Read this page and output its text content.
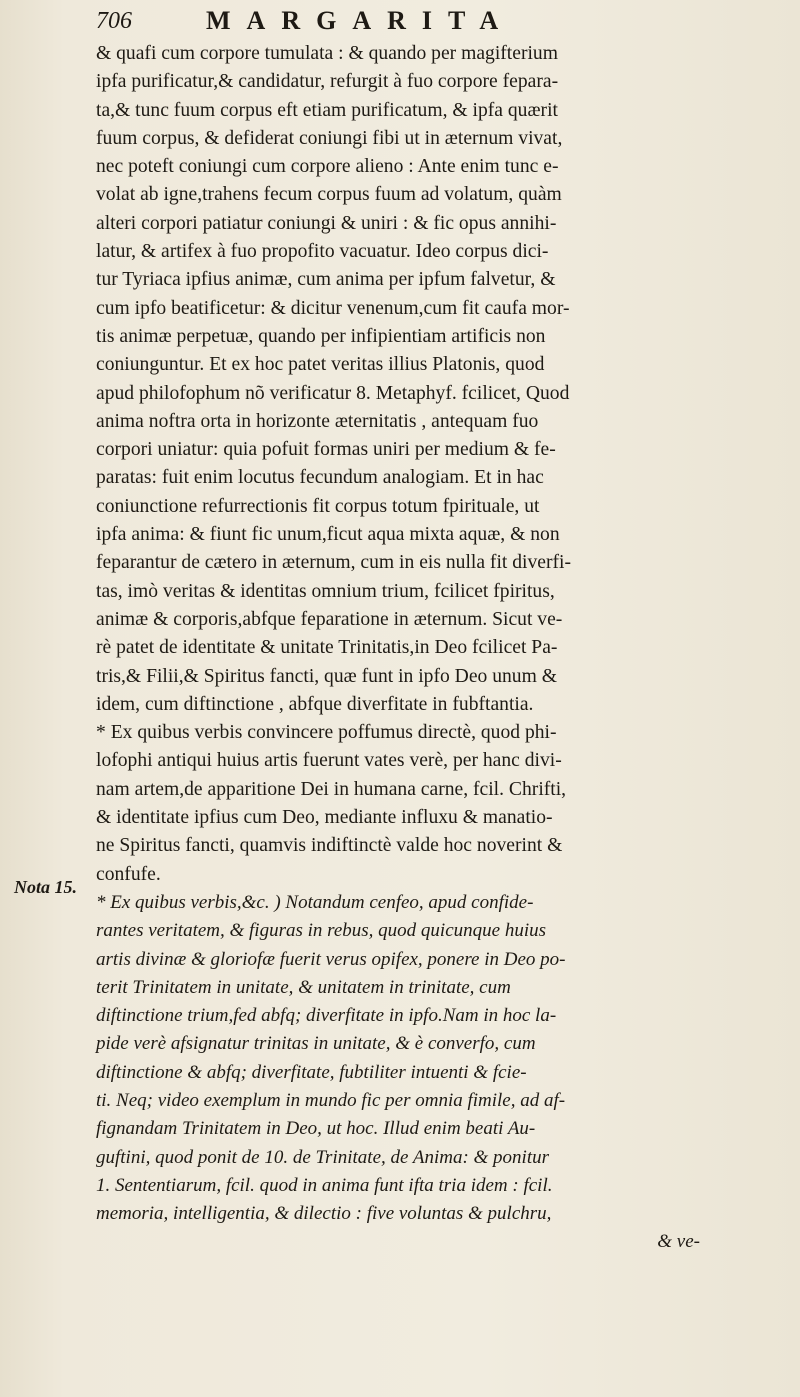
706	MARGARITA
Nota 15.
& quafi cum corpore tumulata : & quando per magifterium
ipfa purificatur,& candidatur, refurgit à fuo corpore fepara-
ta,& tunc fuum corpus eft etiam purificatum, & ipfa quærit
fuum corpus, & defiderat coniungi fibi ut in æternum vivat,
nec poteft coniungi cum corpore alieno : Ante enim tunc e-
volat ab igne,trahens fecum corpus fuum ad volatum, quàm
alteri corpori patiatur coniungi & uniri : & fic opus annihi-
latur, & artifex à fuo propofito vacuatur. Ideo corpus dici-
tur Tyriaca ipfius animæ, cum anima per ipfum falvetur, &
cum ipfo beatificetur: & dicitur venenum,cum fit caufa mor-
tis animæ perpetuæ, quando per infipientiam artificis non
coniunguntur. Et ex hoc patet veritas illius Platonis, quod
apud philofophum nõ verificatur 8. Metaphyf. fcilicet, Quod
anima noftra orta in horizonte æternitatis , antequam fuo
corpori uniatur: quia pofuit formas uniri per medium & fe-
paratas: fuit enim locutus fecundum analogiam. Et in hac
coniunctione refurrectionis fit corpus totum fpirituale, ut
ipfa anima: & fiunt fic unum,ficut aqua mixta aquæ, & non
feparantur de cætero in æternum, cum in eis nulla fit diverfi-
tas, imò veritas & identitas omnium trium, fcilicet fpiritus,
animæ & corporis,abfque feparatione in æternum. Sicut ve-
rè patet de identitate & unitate Trinitatis,in Deo fcilicet Pa-
tris,& Filii,& Spiritus fancti, quæ funt in ipfo Deo unum &
idem, cum diftinctione , abfque diverfitate in fubftantia.
* Ex quibus verbis convincere poffumus directè, quod phi-
lofophi antiqui huius artis fuerunt vates verè, per hanc divi-
nam artem,de apparitione Dei in humana carne, fcil. Chrifti,
& identitate ipfius cum Deo, mediante influxu & manatio-
ne Spiritus fancti, quamvis indiftinctè valde hoc noverint &
confufe.
* Ex quibus verbis,&c. ) Notandum cenfeo, apud confide-
rantes veritatem, & figuras in rebus, quod quicunque huius
artis divinæ & gloriofæ fuerit verus opifex, ponere in Deo po-
terit Trinitatem in unitate, & unitatem in trinitate, cum
diftinctione trium,fed abfq; diverfitate in ipfo.Nam in hoc la-
pide verè afsignatur trinitas in unitate, & è converfo, cum
diftinctione & abfq; diverfitate, fubtiliter intuenti & fcie-
ti. Neq; video exemplum in mundo fic per omnia fimile, ad af-
fignandam Trinitatem in Deo, ut hoc. Illud enim beati Au-
guftini, quod ponit de 10. de Trinitate, de Anima: & ponitur
1. Sententiarum, fcil. quod in anima funt ifta tria idem : fcil.
memoria, intelligentia, & dilectio : five voluntas & pulchru,
& ve-
